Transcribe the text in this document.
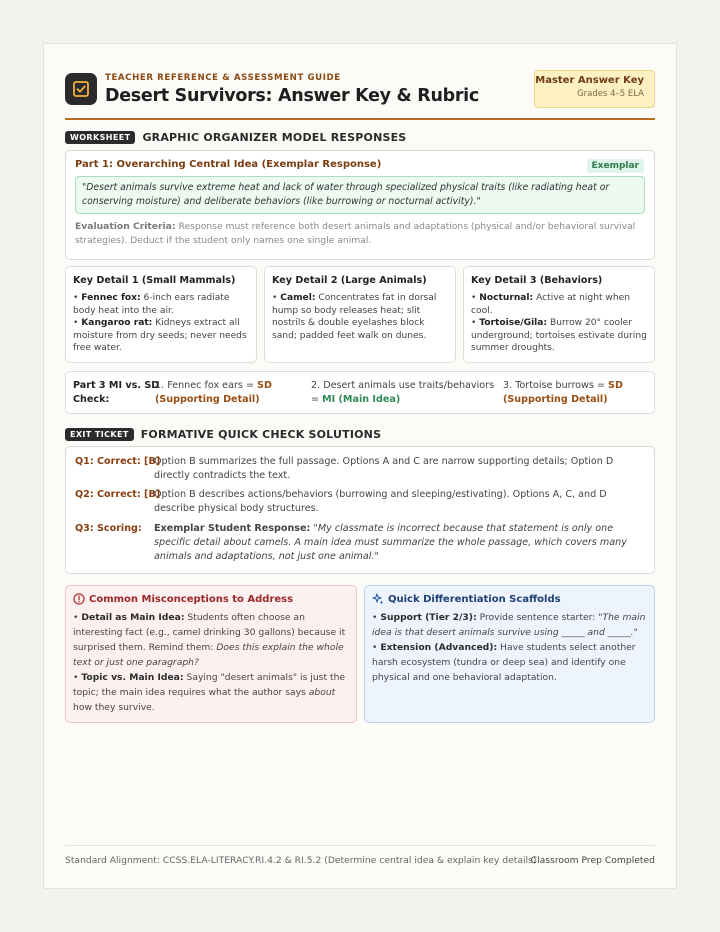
TEACHER REFERENCE & ASSESSMENT GUIDE
Desert Survivors: Answer Key & Rubric
Master Answer Key
Grades 4–5 ELA
WORKSHEET	GRAPHIC ORGANIZER MODEL RESPONSES
Part 1: Overarching Central Idea (Exemplar Response)	Exemplar
"Desert animals survive extreme heat and lack of water through specialized physical traits (like radiating heat or conserving moisture) and deliberate behaviors (like burrowing or nocturnal activity)."
Evaluation Criteria: Response must reference both desert animals and adaptations (physical and/or behavioral survival strategies). Deduct if the student only names one single animal.
Key Detail 1 (Small Mammals)
• Fennec fox: 6-inch ears radiate body heat into the air.
• Kangaroo rat: Kidneys extract all moisture from dry seeds; never needs free water.
Key Detail 2 (Large Animals)
• Camel: Concentrates fat in dorsal hump so body releases heat; slit nostrils & double eyelashes block sand; padded feet walk on dunes.
Key Detail 3 (Behaviors)
• Nocturnal: Active at night when cool.
• Tortoise/Gila: Burrow 20° cooler underground; tortoises estivate during summer droughts.
Part 3 MI vs. SD
Check:
1. Fennec fox ears = SD
(Supporting Detail)
2. Desert animals use traits/behaviors
= MI (Main Idea)
3. Tortoise burrows = SD
(Supporting Detail)
EXIT TICKET	FORMATIVE QUICK CHECK SOLUTIONS
Q1: Correct: [B]
Option B summarizes the full passage. Options A and C are narrow supporting details; Option D directly contradicts the text.
Q2: Correct: [B]
Option B describes actions/behaviors (burrowing and sleeping/estivating). Options A, C, and D describe physical body structures.
Q3: Scoring: Exemplar Student Response: "My classmate is incorrect because that statement is only one specific detail about camels. A main idea must summarize the whole passage, which covers many animals and adaptations, not just one animal."
Common Misconceptions to Address
• Detail as Main Idea: Students often choose an interesting fact (e.g., camel drinking 30 gallons) because it surprised them. Remind them: Does this explain the whole text or just one paragraph?
• Topic vs. Main Idea: Saying "desert animals" is just the topic; the main idea requires what the author says about how they survive.
Quick Differentiation Scaffolds
• Support (Tier 2/3): Provide sentence starter: "The main idea is that desert animals survive using _____ and _____."
• Extension (Advanced): Have students select another harsh ecosystem (tundra or deep sea) and identify one physical and one behavioral adaptation.
Standard Alignment: CCSS.ELA-LITERACY.RI.4.2 & RI.5.2 (Determine central idea & explain key details)
Classroom Prep Completed
